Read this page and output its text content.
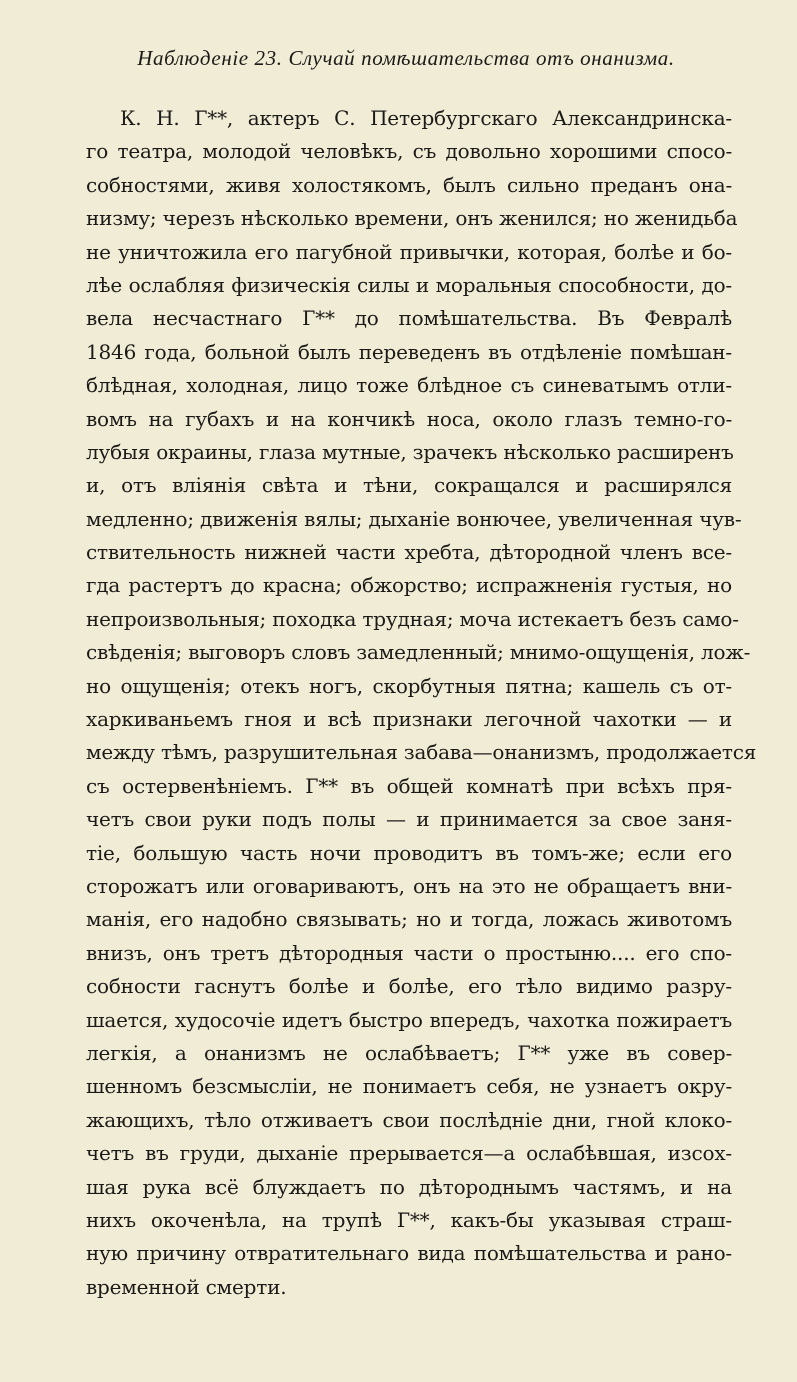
Наблюденіе 23. Случай помѣшательства отъ онанизма.
К. Н. Г**, актеръ С. Петербургскаго Александринска-
го театра, молодой человѣкъ, съ довольно хорошими спосо-
собностями, живя холостякомъ, былъ сильно преданъ она-
низму; черезъ нѣсколько времени, онъ женился; но женидьба
не уничтожила его пагубной привычки, которая, болѣе и бо-
лѣе ослабляя физическія силы и моральныя способности, до-
вела несчастнаго Г** до помѣшательства. Въ Февралѣ
1846 года, больной былъ переведенъ въ отдѣленіе помѣшан-
блѣдная, холодная, лицо тоже блѣдное съ синеватымъ отли-
вомъ на губахъ и на кончикѣ носа, около глазъ темно-го-
лубыя окраины, глаза мутные, зрачекъ нѣсколько расширенъ
и, отъ вліянія свѣта и тѣни, сокращался и расширялся
медленно; движенія вялы; дыханіе вонючее, увеличенная чув-
ствительность нижней части хребта, дѣтородной членъ все-
гда растертъ до красна; обжорство; испражненія густыя, но
непроизвольныя; походка трудная; моча истекаетъ безъ само-
свѣденія; выговоръ словъ замедленный; мнимо-ощущенія, лож-
но ощущенія; отекъ ногъ, скорбутныя пятна; кашель съ от-
харкиваньемъ гноя и всѣ признаки легочной чахотки — и
между тѣмъ, разрушительная забава—онанизмъ, продолжается
съ остервенѣніемъ. Г** въ общей комнатѣ при всѣхъ пря-
четъ свои руки подъ полы — и принимается за свое заня-
тіе, большую часть ночи проводитъ въ томъ-же; если его
сторожатъ или оговариваютъ, онъ на это не обращаетъ вни-
манія, его надобно связывать; но и тогда, ложась животомъ
внизъ, онъ третъ дѣтородныя части о простыню.... его спо-
собности гаснутъ болѣе и болѣе, его тѣло видимо разру-
шается, худосочіе идетъ быстро впередъ, чахотка пожираетъ
легкія, а онанизмъ не ослабѣваетъ; Г** уже въ совер-
шенномъ безсмысліи, не понимаетъ себя, не узнаетъ окру-
жающихъ, тѣло отживаетъ свои послѣдніе дни, гной клоко-
четъ въ груди, дыханіе прерывается—а ослабѣвшая, изсох-
шая рука всё блуждаетъ по дѣтороднымъ частямъ, и на
нихъ окоченѣла, на трупѣ Г**, какъ-бы указывая страш-
ную причину отвратительнаго вида помѣшательства и рано-
временной смерти.
